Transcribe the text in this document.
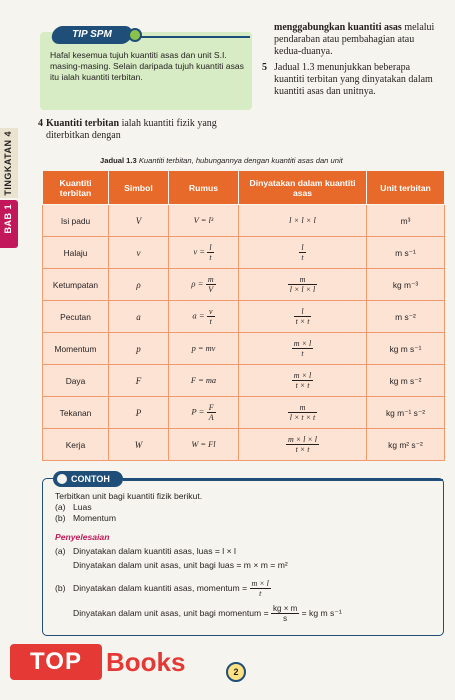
TINGKATAN 4
BAB 1
TIP SPM
Hafal kesemua tujuh kuantiti asas dan unit S.I. masing-masing. Selain daripada tujuh kuantiti asas itu ialah kuantiti terbitan.
4 Kuantiti terbitan ialah kuantiti fizik yang diterbitkan dengan
menggabungkan kuantiti asas melalui pendaraban atau pembahagian atau kedua-duanya.
5 Jadual 1.3 menunjukkan beberapa kuantiti terbitan yang dinyatakan dalam kuantiti asas dan unitnya.
Jadual 1.3 Kuantiti terbitan, hubungannya dengan kuantiti asas dan unit
Kuantiti terbitan	Simbol	Rumus	Dinyatakan dalam kuantiti asas	Unit terbitan
Isi padu	V	V = l³	l × l × l	m³
Halaju	v	$v = \frac{l}{t}$	$\frac{l}{t}$	m s⁻¹
Ketumpatan	ρ	$\rho = \frac{m}{V}$	$\frac{m}{l \times l \times l}$	kg m⁻³
Pecutan	a	$a = \frac{v}{t}$	$\frac{l}{t \times t}$	m s⁻²
Momentum	p	p = mv	$\frac{m \times l}{t}$	kg m s⁻¹
Daya	F	F = ma	$\frac{m \times l}{t \times t}$	kg m s⁻²
Tekanan	P	$P = \frac{F}{A}$	$\frac{m}{l \times t \times t}$	kg m⁻¹ s⁻²
Kerja	W	W = Fl	$\frac{m \times l \times l}{t \times t}$	kg m² s⁻²
CONTOH
Terbitkan unit bagi kuantiti fizik berikut.
(a) Luas
(b) Momentum
Penyelesaian
(a) Dinyatakan dalam kuantiti asas, luas = l × l
Dinyatakan dalam unit asas, unit bagi luas = m × m = m²
(b) Dinyatakan dalam kuantiti asas, momentum =
$\frac{m \times l}{t}$
Dinyatakan dalam unit asas, unit bagi momentum =
$\frac{kg \times m}{s}$
= kg m s⁻¹
TOP Books	2
